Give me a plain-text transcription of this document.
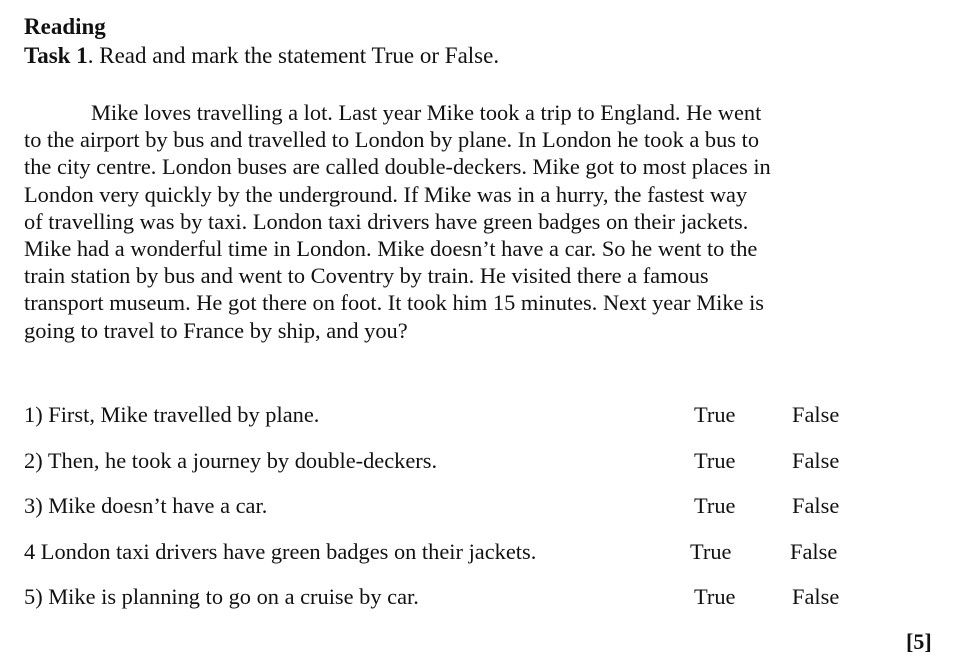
Reading
Task 1. Read and mark the statement True or False.
Mike loves travelling a lot. Last year Mike took a trip to England. He went
to the airport by bus and travelled to London by plane. In London he took a bus to
the city centre. London buses are called double-deckers. Mike got to most places in
London very quickly by the underground. If Mike was in a hurry, the fastest way
of travelling was by taxi. London taxi drivers have green badges on their jackets.
Mike had a wonderful time in London. Mike doesn’t have a car. So he went to the
train station by bus and went to Coventry by train. He visited there a famous
transport museum. He got there on foot. It took him 15 minutes. Next year Mike is
going to travel to France by ship, and you?
1) First, Mike travelled by plane.	True	False
2) Then, he took a journey by double-deckers.	True	False
3) Mike doesn’t have a car.	True	False
4 London taxi drivers have green badges on their jackets.	True	False
5) Mike is planning to go on a cruise by car.	True	False
[5]
